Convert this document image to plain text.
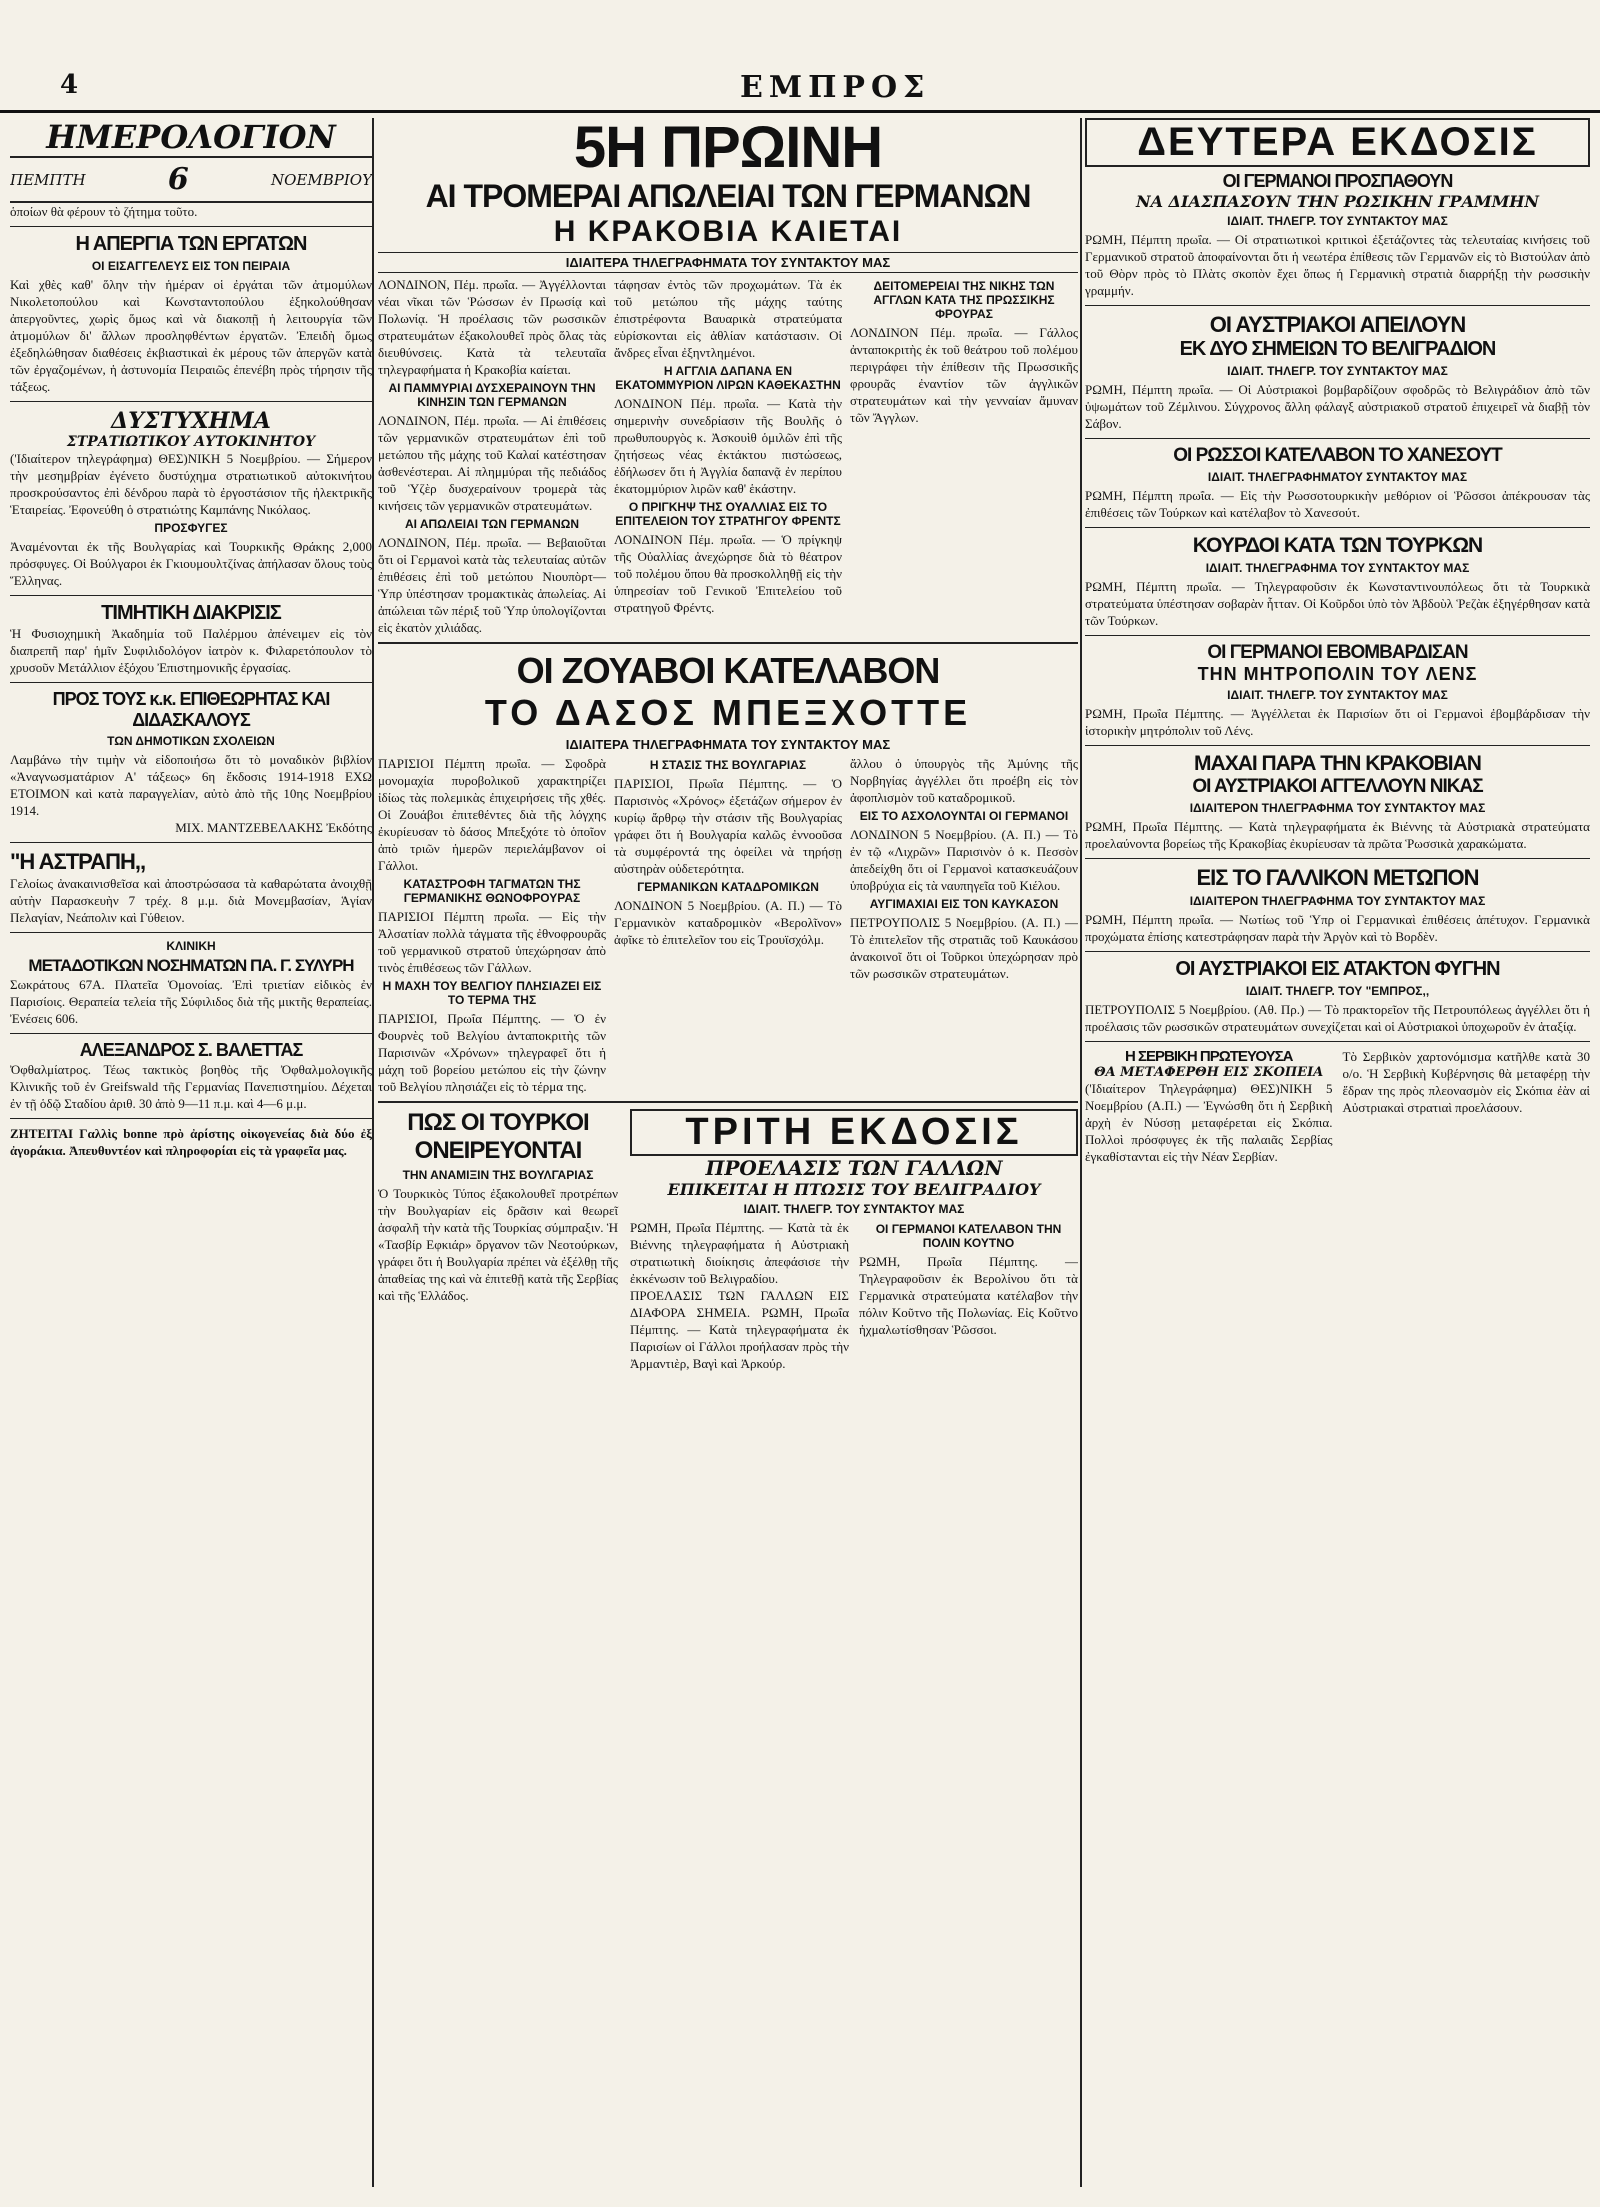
4	ΕΜΠΡΟΣ
ΗΜΕΡΟΛΟΓΙΟΝ
ΠΕΜΠΤΗ	6	ΝΟΕΜΒΡΙΟΥ
ὁποίων θὰ φέρουν τὸ ζήτημα τοῦτο.
Η ΑΠΕΡΓΙΑ ΤΩΝ ΕΡΓΑΤΩΝ
ΟΙ ΕΙΣΑΓΓΕΛΕΥΣ ΕΙΣ ΤΟΝ ΠΕΙΡΑΙΑ
Καὶ χθὲς καθ' ὅλην τὴν ἡμέραν οἱ ἐργάται τῶν ἀτμομύλων Νικολετοπούλου καὶ Κωνσταντοπούλου ἐξηκολούθησαν ἀπεργοῦντες, χωρὶς ὅμως καὶ νὰ διακοπῇ ἡ λειτουργία τῶν ἀτμομύλων δι' ἄλλων προσληφθέντων ἐργατῶν. Ἐπειδὴ ὅμως ἐξεδηλώθησαν διαθέσεις ἐκβιαστικαὶ ἐκ μέρους τῶν ἀπεργῶν κατὰ τῶν ἐργαζομένων, ἡ ἀστυνομία Πειραιῶς ἐπενέβη πρὸς τήρησιν τῆς τάξεως.
ΔΥΣΤΥΧΗΜΑ
ΣΤΡΑΤΙΩΤΙΚΟΥ ΑΥΤΟΚΙΝΗΤΟΥ
('Ιδιαίτερον τηλεγράφημα) ΘΕΣ)ΝΙΚΗ 5 Νοεμβρίου. — Σήμερον τὴν μεσημβρίαν ἐγένετο δυστύχημα στρατιωτικοῦ αὐτοκινήτου προσκρούσαντος ἐπὶ δένδρου παρὰ τὸ ἐργοστάσιον τῆς ἠλεκτρικῆς Ἑταιρείας. Ἐφονεύθη ὁ στρατιώτης Καμπάνης Νικόλαος.
ΠΡΟΣΦΥΓΕΣ
Ἀναμένονται ἐκ τῆς Βουλγαρίας καὶ Τουρκικῆς Θράκης 2,000 πρόσφυγες. Οἱ Βούλγαροι ἐκ Γκιουμουλτζίνας ἀπήλασαν ὅλους τοὺς Ἕλληνας.
ΤΙΜΗΤΙΚΗ ΔΙΑΚΡΙΣΙΣ
Ἡ Φυσιοχημικὴ Ἀκαδημία τοῦ Παλέρμου ἀπένειμεν εἰς τὸν διαπρεπῆ παρ' ἡμῖν Συφιλιδολόγον ἰατρὸν κ. Φιλαρετόπουλον τὸ χρυσοῦν Μετάλλιον ἐξόχου Ἐπιστημονικῆς ἐργασίας.
ΠΡΟΣ ΤΟΥΣ κ.κ. ΕΠΙΘΕΩΡΗΤΑΣ ΚΑΙ ΔΙΔΑΣΚΑΛΟΥΣ
ΤΩΝ ΔΗΜΟΤΙΚΩΝ ΣΧΟΛΕΙΩΝ
Λαμβάνω τὴν τιμὴν νὰ εἰδοποιήσω ὅτι τὸ μοναδικὸν βιβλίον «Ἀναγνωσματάριον Α' τάξεως» 6η ἔκδοσις 1914-1918 ΕΧΩ ΕΤΟΙΜΟΝ καὶ κατὰ παραγγελίαν, αὐτὸ ἀπὸ τῆς 10ης Νοεμβρίου 1914.
ΜΙΧ. ΜΑΝΤΖΕΒΕΛΑΚΗΣ Ἐκδότης
"Η ΑΣΤΡΑΠΗ,,
Γελοίως ἀνακαινισθεῖσα καὶ ἀποστρώσασα τὰ καθαρώτατα ἀνοιχθῇ αὐτὴν Παρασκευὴν 7 τρέχ. 8 μ.μ. διὰ Μονεμβασίαν, Ἁγίαν Πελαγίαν, Νεάπολιν καὶ Γύθειον.
ΚΛΙΝΙΚΗ
ΜΕΤΑΔΟΤΙΚΩΝ ΝΟΣΗΜΑΤΩΝ ΠΑ. Γ. ΣΥΛΥΡΗ
Σωκράτους 67Α. Πλατεῖα Ὁμονοίας. Ἐπὶ τριετίαν εἰδικὸς ἐν Παρισίοις. Θεραπεία τελεία τῆς Σύφιλιδος διὰ τῆς μικτῆς θεραπείας. Ἐνέσεις 606.
ΑΛΕΞΑΝΔΡΟΣ Σ. ΒΑΛΕΤΤΑΣ
Ὀφθαλμίατρος. Τέως τακτικὸς βοηθὸς τῆς Ὀφθαλμολογικῆς Κλινικῆς τοῦ ἐν Greifswald τῆς Γερμανίας Πανεπιστημίου. Δέχεται ἐν τῇ ὁδῷ Σταδίου ἀριθ. 30 ἀπὸ 9—11 π.μ. καὶ 4—6 μ.μ.
ΖΗΤΕΙΤΑΙ Γαλλὶς bonne πρὸ ἀρίστης οἰκογενείας διὰ δύο ἐξ ἀγοράκια. Ἀπευθυντέον καὶ πληροφορίαι εἰς τὰ γραφεῖα μας.
5Η ΠΡΩΙΝΗ
ΑΙ ΤΡΟΜΕΡΑΙ ΑΠΩΛΕΙΑΙ ΤΩΝ ΓΕΡΜΑΝΩΝ
Η ΚΡΑΚΟΒΙΑ ΚΑΙΕΤΑΙ
ΙΔΙΑΙΤΕΡΑ ΤΗΛΕΓΡΑΦΗΜΑΤΑ ΤΟΥ ΣΥΝΤΑΚΤΟΥ ΜΑΣ
ΛΟΝΔΙΝΟΝ, Πέμ. πρωΐα. — Ἀγγέλλονται νέαι νῖκαι τῶν Ῥώσσων ἐν Πρωσίᾳ καὶ Πολωνίᾳ. Ἡ προέλασις τῶν ρωσσικῶν στρατευμάτων ἐξακολουθεῖ πρὸς ὅλας τὰς διευθύνσεις. Κατὰ τὰ τελευταῖα τηλεγραφήματα ἡ Κρακοβία καίεται.
ΑΙ ΠΑΜΜΥΡΙΑΙ ΔΥΣΧΕΡΑΙΝΟΥΝ ΤΗΝ ΚΙΝΗΣΙΝ ΤΩΝ ΓΕΡΜΑΝΩΝ
ΛΟΝΔΙΝΟΝ, Πέμ. πρωΐα. — Αἱ ἐπιθέσεις τῶν γερμανικῶν στρατευμάτων ἐπὶ τοῦ μετώπου τῆς μάχης τοῦ Καλαί κατέστησαν ἀσθενέστεραι. Αἱ πλημμύραι τῆς πεδιάδος τοῦ Ὑζὲρ δυσχεραίνουν τρομερὰ τὰς κινήσεις τῶν γερμανικῶν στρατευμάτων.
ΑΙ ΑΠΩΛΕΙΑΙ ΤΩΝ ΓΕΡΜΑΝΩΝ
ΛΟΝΔΙΝΟΝ, Πέμ. πρωΐα. — Βεβαιοῦται ὅτι οἱ Γερμανοὶ κατὰ τὰς τελευταίας αὐτῶν ἐπιθέσεις ἐπὶ τοῦ μετώπου Νιουπὸρτ—Ὑπρ ὑπέστησαν τρομακτικὰς ἀπωλείας. Αἱ ἀπώλειαι τῶν πέριξ τοῦ Ὑπρ ὑπολογίζονται εἰς ἑκατὸν χιλιάδας.
τάφησαν ἐντὸς τῶν προχωμάτων. Τὰ ἐκ τοῦ μετώπου τῆς μάχης ταύτης ἐπιστρέφοντα Βαυαρικὰ στρατεύματα εὑρίσκονται εἰς ἀθλίαν κατάστασιν. Οἱ ἄνδρες εἶναι ἐξηντλημένοι.
Η ΑΓΓΛΙΑ ΔΑΠΑΝΑ ΕΝ ΕΚΑΤΟΜΜΥΡΙΟΝ ΛΙΡΩΝ ΚΑΘΕΚΑΣΤΗΝ
ΛΟΝΔΙΝΟΝ Πέμ. πρωΐα. — Κατὰ τὴν σημερινὴν συνεδρίασιν τῆς Βουλῆς ὁ πρωθυπουργὸς κ. Ἀσκουὶθ ὁμιλῶν ἐπὶ τῆς ζητήσεως νέας ἐκτάκτου πιστώσεως, ἐδήλωσεν ὅτι ἡ Ἀγγλία δαπανᾷ ἐν περίπου ἑκατομμύριον λιρῶν καθ' ἑκάστην.
Ο ΠΡΙΓΚΗΨ ΤΗΣ ΟΥΑΛΛΙΑΣ ΕΙΣ ΤΟ ΕΠΙΤΕΛΕΙΟΝ ΤΟΥ ΣΤΡΑΤΗΓΟΥ ΦΡΕΝΤΣ
ΛΟΝΔΙΝΟΝ Πέμ. πρωΐα. — Ὁ πρίγκηψ τῆς Οὐαλλίας ἀνεχώρησε διὰ τὸ θέατρον τοῦ πολέμου ὅπου θὰ προσκολληθῇ εἰς τὴν ὑπηρεσίαν τοῦ Γενικοῦ Ἐπιτελείου τοῦ στρατηγοῦ Φρέντς.
ΔΕΙΤΟΜΕΡΕΙΑΙ ΤΗΣ ΝΙΚΗΣ ΤΩΝ ΑΓΓΛΩΝ ΚΑΤΑ ΤΗΣ ΠΡΩΣΣΙΚΗΣ ΦΡΟΥΡΑΣ
ΛΟΝΔΙΝΟΝ Πέμ. πρωΐα. — Γάλλος ἀνταποκριτὴς ἐκ τοῦ θεάτρου τοῦ πολέμου περιγράφει τὴν ἐπίθεσιν τῆς Πρωσσικῆς φρουρᾶς ἐναντίον τῶν ἀγγλικῶν στρατευμάτων καὶ τὴν γενναίαν ἄμυναν τῶν Ἄγγλων.
ΟΙ ΖΟΥΑΒΟΙ ΚΑΤΕΛΑΒΟΝ
ΤΟ ΔΑΣΟΣ ΜΠΕΞΧΟΤΤΕ
ΙΔΙΑΙΤΕΡΑ ΤΗΛΕΓΡΑΦΗΜΑΤΑ ΤΟΥ ΣΥΝΤΑΚΤΟΥ ΜΑΣ
ΠΑΡΙΣΙΟΙ Πέμπτη πρωΐα. — Σφοδρὰ μονομαχία πυροβολικοῦ χαρακτηρίζει ἰδίως τὰς πολεμικὰς ἐπιχειρήσεις τῆς χθές. Οἱ Ζουάβοι ἐπιτεθέντες διὰ τῆς λόγχης ἐκυρίευσαν τὸ δάσος Μπεξχότε τὸ ὁποῖον ἀπὸ τριῶν ἡμερῶν περιελάμβανον οἱ Γάλλοι.
ΚΑΤΑΣΤΡΟΦΗ ΤΑΓΜΑΤΩΝ ΤΗΣ ΓΕΡΜΑΝΙΚΗΣ ΘΩΝΟΦΡΟΥΡΑΣ
ΠΑΡΙΣΙΟΙ Πέμπτη πρωΐα. — Εἰς τὴν Ἀλσατίαν πολλὰ τάγματα τῆς ἐθνοφρουρᾶς τοῦ γερμανικοῦ στρατοῦ ὑπεχώρησαν ἀπὸ τινὸς ἐπιθέσεως τῶν Γάλλων.
Η ΜΑΧΗ ΤΟΥ ΒΕΛΓΙΟΥ ΠΛΗΣΙΑΖΕΙ ΕΙΣ ΤΟ ΤΕΡΜΑ ΤΗΣ
ΠΑΡΙΣΙΟΙ, Πρωΐα Πέμπτης. — Ὁ ἐν Φουρνὲς τοῦ Βελγίου ἀνταποκριτὴς τῶν Παρισινῶν «Χρόνων» τηλεγραφεῖ ὅτι ἡ μάχη τοῦ βορείου μετώπου εἰς τὴν ζώνην τοῦ Βελγίου πλησιάζει εἰς τὸ τέρμα της.
Η ΣΤΑΣΙΣ ΤΗΣ ΒΟΥΛΓΑΡΙΑΣ
ΠΑΡΙΣΙΟΙ, Πρωΐα Πέμπτης. — Ὁ Παρισινὸς «Χρόνος» ἐξετάζων σήμερον ἐν κυρίῳ ἄρθρῳ τὴν στάσιν τῆς Βουλγαρίας γράφει ὅτι ἡ Βουλγαρία καλῶς ἐννοοῦσα τὰ συμφέροντά της ὀφείλει νὰ τηρήσῃ αὐστηρὰν οὐδετερότητα.
ΓΕΡΜΑΝΙΚΩΝ ΚΑΤΑΔΡΟΜΙΚΩΝ
ΛΟΝΔΙΝΟΝ 5 Νοεμβρίου. (Α. Π.) — Τὸ Γερμανικὸν καταδρομικὸν «Βερολῖνον» ἀφῖκε τὸ ἐπιτελεῖον του εἰς Τρουϊσχόλμ.
ἄλλου ὁ ὑπουργὸς τῆς Ἀμύνης τῆς Νορβηγίας ἀγγέλλει ὅτι προέβη εἰς τὸν ἀφοπλισμὸν τοῦ καταδρομικοῦ.
ΕΙΣ ΤΟ ΑΣΧΟΛΟΥΝΤΑΙ ΟΙ ΓΕΡΜΑΝΟΙ
ΛΟΝΔΙΝΟΝ 5 Νοεμβρίου. (Α. Π.) — Τὸ ἐν τῷ «Λιχρῶν» Παρισινὸν ὁ κ. Πεσσὸν ἀπεδείχθη ὅτι οἱ Γερμανοὶ κατασκευάζουν ὑποβρύχια εἰς τὰ ναυπηγεῖα τοῦ Κιέλου.
ΑΥΓΙΜΑΧΙΑΙ ΕΙΣ ΤΟΝ ΚΑΥΚΑΣΟΝ
ΠΕΤΡΟΥΠΟΛΙΣ 5 Νοεμβρίου. (Α. Π.) — Τὸ ἐπιτελεῖον τῆς στρατιᾶς τοῦ Καυκάσου ἀνακοινοῖ ὅτι οἱ Τοῦρκοι ὑπεχώρησαν πρὸ τῶν ρωσσικῶν στρατευμάτων.
ΠΩΣ ΟΙ ΤΟΥΡΚΟΙ ΟΝΕΙΡΕΥΟΝΤΑΙ
ΤΗΝ ΑΝΑΜΙΞΙΝ ΤΗΣ ΒΟΥΛΓΑΡΙΑΣ
Ὁ Τουρκικὸς Τύπος ἐξακολουθεῖ προτρέπων τὴν Βουλγαρίαν εἰς δρᾶσιν καὶ θεωρεῖ ἀσφαλῆ τὴν κατὰ τῆς Τουρκίας σύμπραξιν. Ἡ «Τασβίρ Εφκιάρ» ὄργανον τῶν Νεοτούρκων, γράφει ὅτι ἡ Βουλγαρία πρέπει νὰ ἐξέλθῃ τῆς ἀπαθείας της καὶ νὰ ἐπιτεθῇ κατὰ τῆς Σερβίας καὶ τῆς Ἑλλάδος.
ΤΡΙΤΗ ΕΚΔΟΣΙΣ
ΠΡΟΕΛΑΣΙΣ ΤΩΝ ΓΑΛΛΩΝ
ΕΠΙΚΕΙΤΑΙ Η ΠΤΩΣΙΣ ΤΟΥ ΒΕΛΙΓΡΑΔΙΟΥ
ΙΔΙΑΙΤ. ΤΗΛΕΓΡ. ΤΟΥ ΣΥΝΤΑΚΤΟΥ ΜΑΣ
ΡΩΜΗ, Πρωΐα Πέμπτης. — Κατὰ τὰ ἐκ Βιέννης τηλεγραφήματα ἡ Αὐστριακὴ στρατιωτικὴ διοίκησις ἀπεφάσισε τὴν ἐκκένωσιν τοῦ Βελιγραδίου.
ΠΡΟΕΛΑΣΙΣ ΤΩΝ ΓΑΛΛΩΝ ΕΙΣ ΔΙΑΦΟΡΑ ΣΗΜΕΙΑ. ΡΩΜΗ, Πρωΐα Πέμπτης. — Κατὰ τηλεγραφήματα ἐκ Παρισίων οἱ Γάλλοι προήλασαν πρὸς τὴν Ἀρμαντιὲρ, Βαγὶ καὶ Ἀρκούρ.
ΟΙ ΓΕΡΜΑΝΟΙ ΚΑΤΕΛΑΒΟΝ ΤΗΝ ΠΟΛΙΝ ΚΟΥΤΝΟ
ΡΩΜΗ, Πρωΐα Πέμπτης. — Τηλεγραφοῦσιν ἐκ Βερολίνου ὅτι τὰ Γερμανικὰ στρατεύματα κατέλαβον τὴν πόλιν Κοῦτνο τῆς Πολωνίας. Εἰς Κοῦτνο ἠχμαλωτίσθησαν Ῥῶσσοι.
ΔΕΥΤΕΡΑ ΕΚΔΟΣΙΣ
ΟΙ ΓΕΡΜΑΝΟΙ ΠΡΟΣΠΑΘΟΥΝ
ΝΑ ΔΙΑΣΠΑΣΟΥΝ ΤΗΝ ΡΩΣΙΚΗΝ ΓΡΑΜΜΗΝ
ΙΔΙΑΙΤ. ΤΗΛΕΓΡ. ΤΟΥ ΣΥΝΤΑΚΤΟΥ ΜΑΣ
ΡΩΜΗ, Πέμπτη πρωΐα. — Οἱ στρατιωτικοὶ κριτικοὶ ἐξετάζοντες τὰς τελευταίας κινήσεις τοῦ Γερμανικοῦ στρατοῦ ἀποφαίνονται ὅτι ἡ νεωτέρα ἐπίθεσις τῶν Γερμανῶν εἰς τὸ Βιστούλαν ἀπὸ τοῦ Θὸρν πρὸς τὸ Πλὰτς σκοπὸν ἔχει ὅπως ἡ Γερμανικὴ στρατιὰ διαρρήξῃ τὴν ρωσσικὴν γραμμήν.
ΟΙ ΑΥΣΤΡΙΑΚΟΙ ΑΠΕΙΛΟΥΝ
ΕΚ ΔΥΟ ΣΗΜΕΙΩΝ ΤΟ ΒΕΛΙΓΡΑΔΙΟΝ
ΙΔΙΑΙΤ. ΤΗΛΕΓΡ. ΤΟΥ ΣΥΝΤΑΚΤΟΥ ΜΑΣ
ΡΩΜΗ, Πέμπτη πρωΐα. — Οἱ Αὐστριακοὶ βομβαρδίζουν σφοδρῶς τὸ Βελιγράδιον ἀπὸ τῶν ὑψωμάτων τοῦ Ζέμλινου. Σύγχρονος ἄλλη φάλαγξ αὐστριακοῦ στρατοῦ ἐπιχειρεῖ νὰ διαβῇ τὸν Σάβον.
ΟΙ ΡΩΣΣΟΙ ΚΑΤΕΛΑΒΟΝ ΤΟ ΧΑΝΕΣΟΥΤ
ΙΔΙΑΙΤ. ΤΗΛΕΓΡΑΦΗΜΑΤΟΥ ΣΥΝΤΑΚΤΟΥ ΜΑΣ
ΡΩΜΗ, Πέμπτη πρωΐα. — Εἰς τὴν Ρωσσοτουρκικὴν μεθόριον οἱ Ῥῶσσοι ἀπέκρουσαν τὰς ἐπιθέσεις τῶν Τούρκων καὶ κατέλαβον τὸ Χανεσούτ.
ΚΟΥΡΔΟΙ ΚΑΤΑ ΤΩΝ ΤΟΥΡΚΩΝ
ΙΔΙΑΙΤ. ΤΗΛΕΓΡΑΦΗΜΑ ΤΟΥ ΣΥΝΤΑΚΤΟΥ ΜΑΣ
ΡΩΜΗ, Πέμπτη πρωΐα. — Τηλεγραφοῦσιν ἐκ Κωνσταντινουπόλεως ὅτι τὰ Τουρκικὰ στρατεύματα ὑπέστησαν σοβαρὰν ἧτταν. Οἱ Κοῦρδοι ὑπὸ τὸν Ἀβδοὺλ Ῥεζὰκ ἐξηγέρθησαν κατὰ τῶν Τούρκων.
ΟΙ ΓΕΡΜΑΝΟΙ ΕΒΟΜΒΑΡΔΙΣΑΝ
ΤΗΝ ΜΗΤΡΟΠΟΛΙΝ ΤΟΥ ΛΕΝΣ
ΙΔΙΑΙΤ. ΤΗΛΕΓΡ. ΤΟΥ ΣΥΝΤΑΚΤΟΥ ΜΑΣ
ΡΩΜΗ, Πρωΐα Πέμπτης. — Ἀγγέλλεται ἐκ Παρισίων ὅτι οἱ Γερμανοὶ ἐβομβάρδισαν τὴν ἱστορικὴν μητρόπολιν τοῦ Λένς.
ΜΑΧΑΙ ΠΑΡΑ ΤΗΝ ΚΡΑΚΟΒΙΑΝ
ΟΙ ΑΥΣΤΡΙΑΚΟΙ ΑΓΓΕΛΛΟΥΝ ΝΙΚΑΣ
ΙΔΙΑΙΤΕΡΟΝ ΤΗΛΕΓΡΑΦΗΜΑ ΤΟΥ ΣΥΝΤΑΚΤΟΥ ΜΑΣ
ΡΩΜΗ, Πρωΐα Πέμπτης. — Κατὰ τηλεγραφήματα ἐκ Βιέννης τὰ Αὐστριακὰ στρατεύματα προελαύνοντα βορείως τῆς Κρακοβίας ἐκυρίευσαν τὰ πρῶτα Ῥωσσικὰ χαρακώματα.
ΕΙΣ ΤΟ ΓΑΛΛΙΚΟΝ ΜΕΤΩΠΟΝ
ΙΔΙΑΙΤΕΡΟΝ ΤΗΛΕΓΡΑΦΗΜΑ ΤΟΥ ΣΥΝΤΑΚΤΟΥ ΜΑΣ
ΡΩΜΗ, Πέμπτη πρωΐα. — Νωτίως τοῦ Ὑπρ οἱ Γερμανικαὶ ἐπιθέσεις ἀπέτυχον. Γερμανικὰ προχώματα ἐπίσης κατεστράφησαν παρὰ τὴν Ἀργὸν καὶ τὸ Βορδὲν.
ΟΙ ΑΥΣΤΡΙΑΚΟΙ ΕΙΣ ΑΤΑΚΤΟΝ ΦΥΓΗΝ
ΙΔΙΑΙΤ. ΤΗΛΕΓΡ. ΤΟΥ "ΕΜΠΡΟΣ,,
ΠΕΤΡΟΥΠΟΛΙΣ 5 Νοεμβρίου. (Αθ. Πρ.) — Τὸ πρακτορεῖον τῆς Πετρουπόλεως ἀγγέλλει ὅτι ἡ προέλασις τῶν ρωσσικῶν στρατευμάτων συνεχίζεται καὶ οἱ Αὐστριακοὶ ὑποχωροῦν ἐν ἀταξίᾳ.
Η ΣΕΡΒΙΚΗ ΠΡΩΤΕΥΟΥΣΑ
ΘΑ ΜΕΤΑΦΕΡΘΗ ΕΙΣ ΣΚΟΠΕΙΑ
('Ιδιαίτερον Τηλεγράφημα) ΘΕΣ)ΝΙΚΗ 5 Νοεμβρίου (Α.Π.) — Ἐγνώσθη ὅτι ἡ Σερβικὴ ἀρχὴ ἐν Νύσσῃ μεταφέρεται εἰς Σκόπια. Πολλοὶ πρόσφυγες ἐκ τῆς παλαιᾶς Σερβίας ἐγκαθίστανται εἰς τὴν Νέαν Σερβίαν.
Τὸ Σερβικὸν χαρτονόμισμα κατῆλθε κατὰ 30 ο/ο. Ἡ Σερβικὴ Κυβέρνησις θὰ μεταφέρῃ τὴν ἕδραν της πρὸς πλεονασμὸν εἰς Σκόπια ἐὰν αἱ Αὐστριακαὶ στρατιαὶ προελάσουν.
